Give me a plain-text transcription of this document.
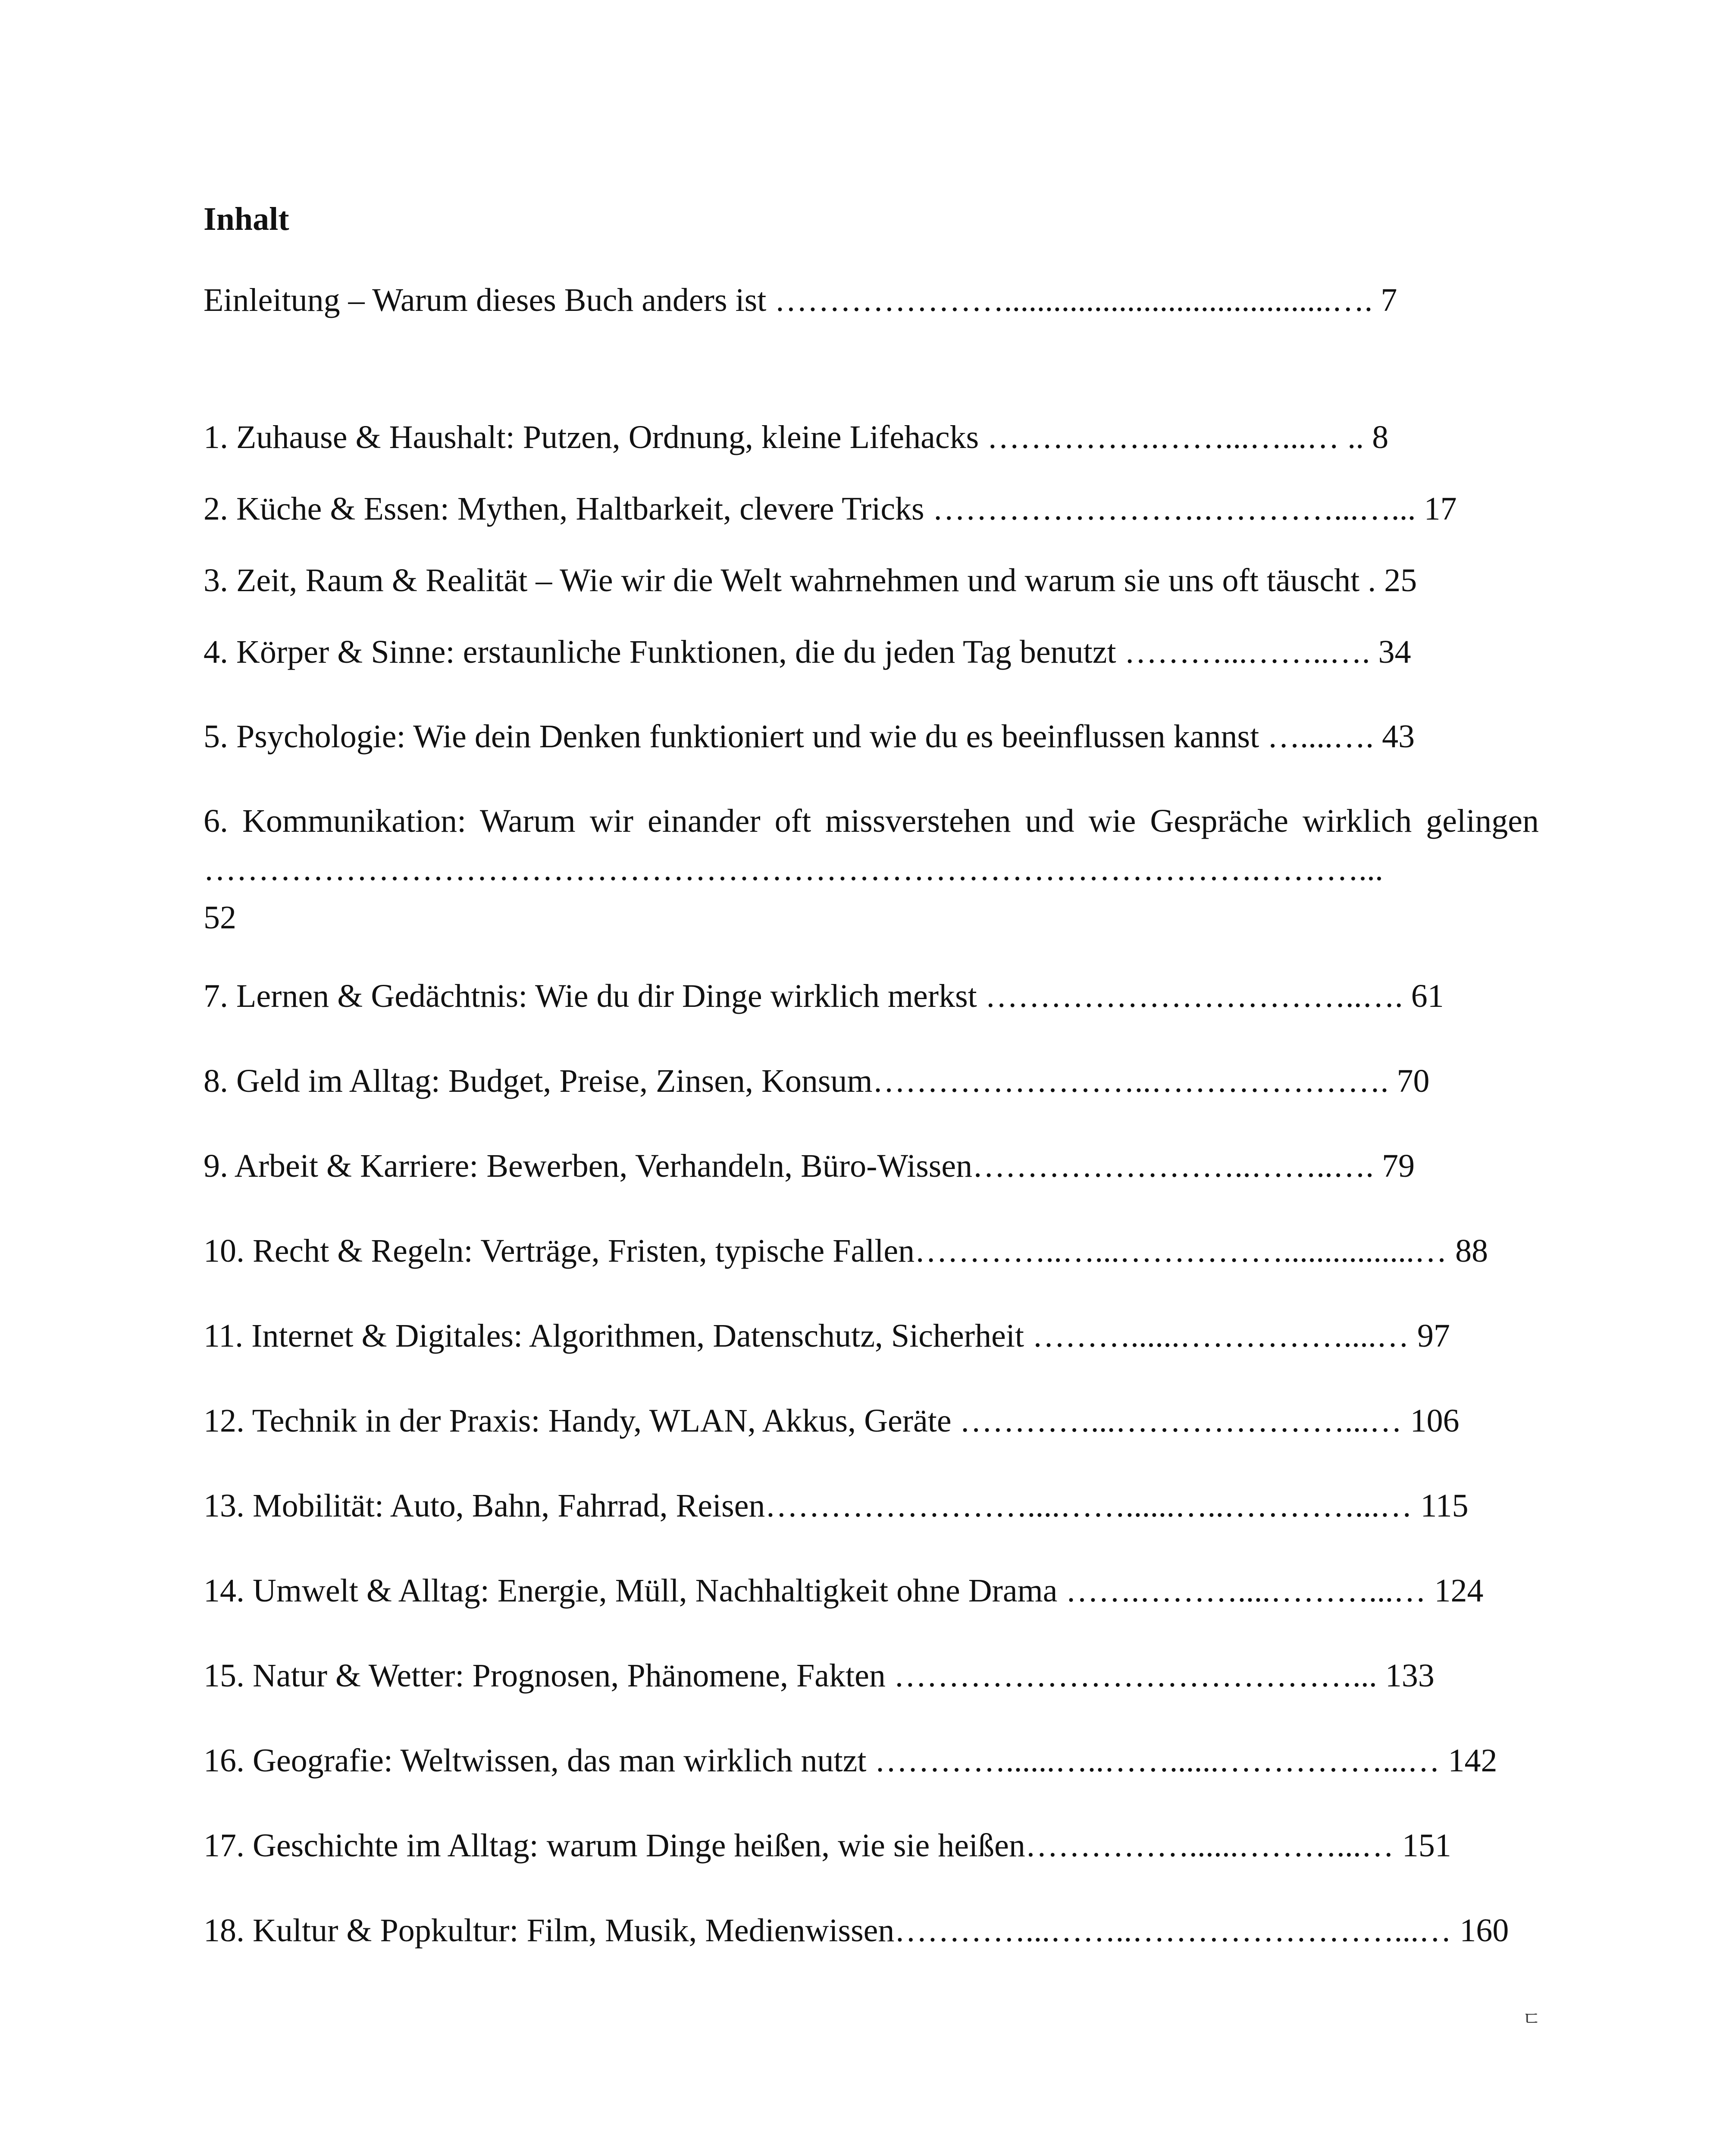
Inhalt
Einleitung – Warum dieses Buch anders ist …………………........................................…. 7
1. Zuhause & Haushalt: Putzen, Ordnung, kleine Lifehacks …………….……...…...… .. 8
2. Küche & Essen: Mythen, Haltbarkeit, clevere Tricks …………………….…………...…... 17
3. Zeit, Raum & Realität – Wie wir die Welt wahrnehmen und warum sie uns oft täuscht . 25
4. Körper & Sinne: erstaunliche Funktionen, die du jeden Tag benutzt ………...……..…. 34
5. Psychologie: Wie dein Denken funktioniert und wie du es beeinflussen kannst …....…. 43
6. Kommunikation: Warum wir einander oft missverstehen und wie Gespräche wirklich gelingen …………………………………………………………………………………….………...
52
7. Lernen & Gedächtnis: Wie du dir Dinge wirklich merkst ……………………………..…. 61
8. Geld im Alltag: Budget, Preise, Zinsen, Konsum……………………..…………………. 70
9. Arbeit & Karriere: Bewerben, Verhandeln, Büro-Wissen……………………..……..…. 79
10. Recht & Regeln: Verträge, Fristen, typische Fallen…………..…...……………................… 88
11. Internet & Digitales: Algorithmen, Datenschutz, Sicherheit ………......……………....… 97
12. Technik in der Praxis: Handy, WLAN, Akkus, Geräte …………...…………………...… 106
13. Mobilität: Auto, Bahn, Fahrrad, Reisen……………………....……......…..…………...… 115
14. Umwelt & Alltag: Energie, Müll, Nachhaltigkeit ohne Drama …….………....………...… 124
15. Natur & Wetter: Prognosen, Phänomene, Fakten ……………………………………... 133
16. Geografie: Weltwissen, das man wirklich nutzt …………......…..……......……………...… 142
17. Geschichte im Alltag: warum Dinge heißen, wie sie heißen……………......………...… 151
18. Kultur & Popkultur: Film, Musik, Medienwissen…………...……..……………………...… 160
ㄷ
